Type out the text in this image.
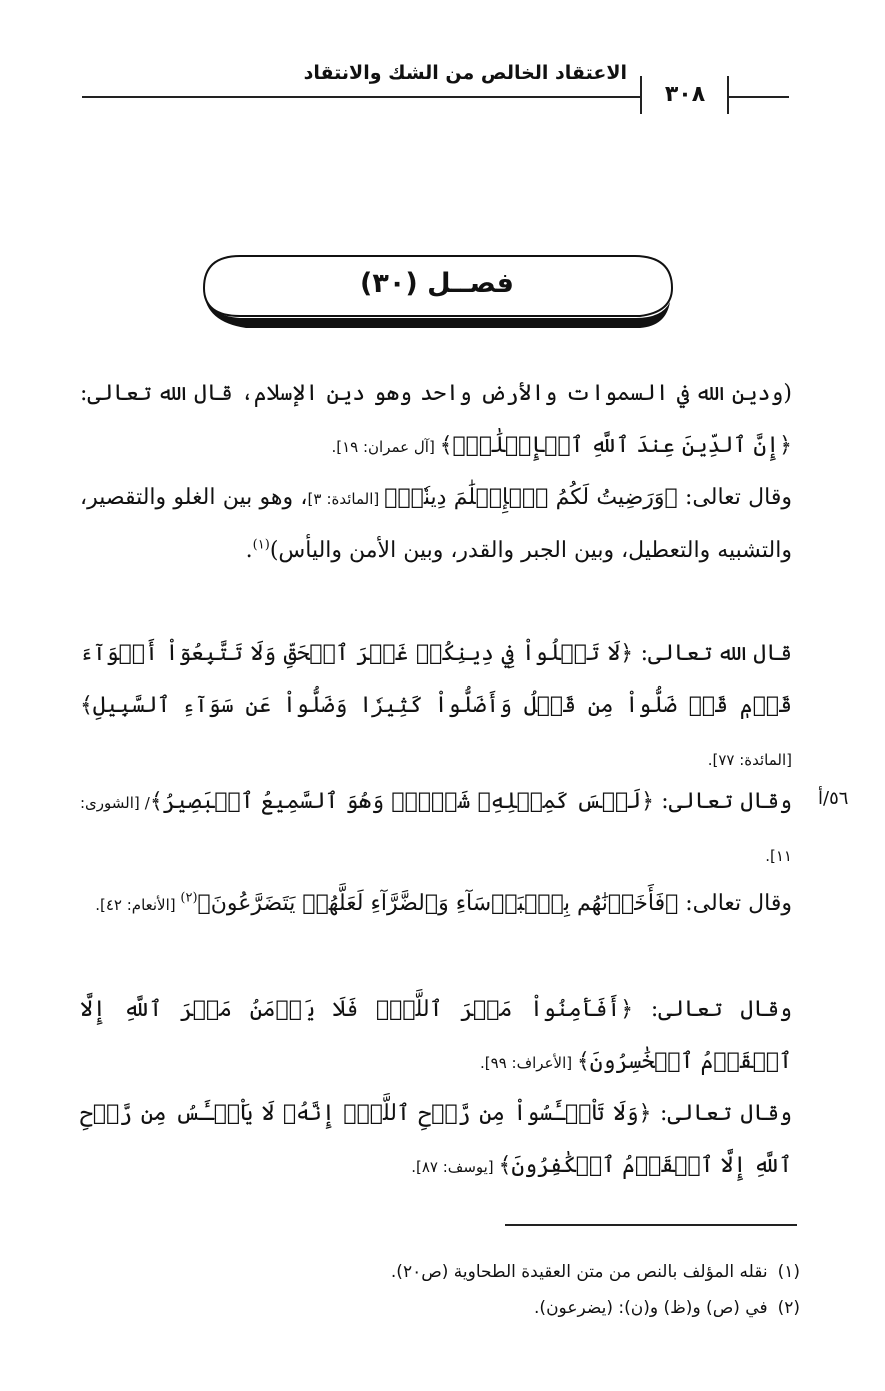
الاعتقاد الخالص من الشك والانتقاد
٣٠٨
فصــل (٣٠)

(ودين الله في السموات والأرض واحد وهو دين الإسلام، قال الله تعالى: ﴿إِنَّ ٱلدِّينَ عِندَ ٱللَّهِ ٱلۡإِسۡلَٰمُۗ﴾ [آل عمران: ١٩].

وقال تعالى: ﴿وَرَضِيتُ لَكُمُ ٱلۡإِسۡلَٰمَ دِينٗاۚ﴾ [المائدة: ٣]، وهو بين الغلو والتقصير، والتشبيه والتعطيل، وبين الجبر والقدر، وبين الأمن واليأس)$^{(١)}$.

قال الله تعالى: ﴿لَا تَغۡلُواْ فِي دِينِكُمۡ غَيۡرَ ٱلۡحَقِّ وَلَا تَتَّبِعُوٓاْ أَهۡوَآءَ قَوۡمٖ قَدۡ ضَلُّواْ مِن قَبۡلُ وَأَضَلُّواْ كَثِيرٗا وَضَلُّواْ عَن سَوَآءِ ٱلسَّبِيلِ﴾ [المائدة: ٧٧].

٥٦/أ

وقال تعالى: ﴿لَيۡسَ كَمِثۡلِهِۦ شَيۡءٞۖ وَهُوَ ٱلسَّمِيعُ ٱلۡبَصِيرُ﴾/ [الشورى: ١١].

وقال تعالى: ﴿فَأَخَذۡنَٰهُم بِٱلۡبَأۡسَآءِ وَٱلضَّرَّآءِ لَعَلَّهُمۡ يَتَضَرَّعُونَ﴾$^{(٢)}$ [الأنعام: ٤٢].

وقال تعالى: ﴿أَفَأَمِنُواْ مَكۡرَ ٱللَّهِۚ فَلَا يَأۡمَنُ مَكۡرَ ٱللَّهِ إِلَّا ٱلۡقَوۡمُ ٱلۡخَٰسِرُونَ﴾ [الأعراف: ٩٩].

وقال تعالى: ﴿وَلَا تَاْيۡـَٔسُواْ مِن رَّوۡحِ ٱللَّهِۖ إِنَّهُۥ لَا يَاْيۡـَٔسُ مِن رَّوۡحِ ٱللَّهِ إِلَّا ٱلۡقَوۡمُ ٱلۡكَٰفِرُونَ﴾ [يوسف: ٨٧].

(١)نقله المؤلف بالنص من متن العقيدة الطحاوية (ص٢٠).

(٢)في (ص) و(ظ) و(ن): (يضرعون).
